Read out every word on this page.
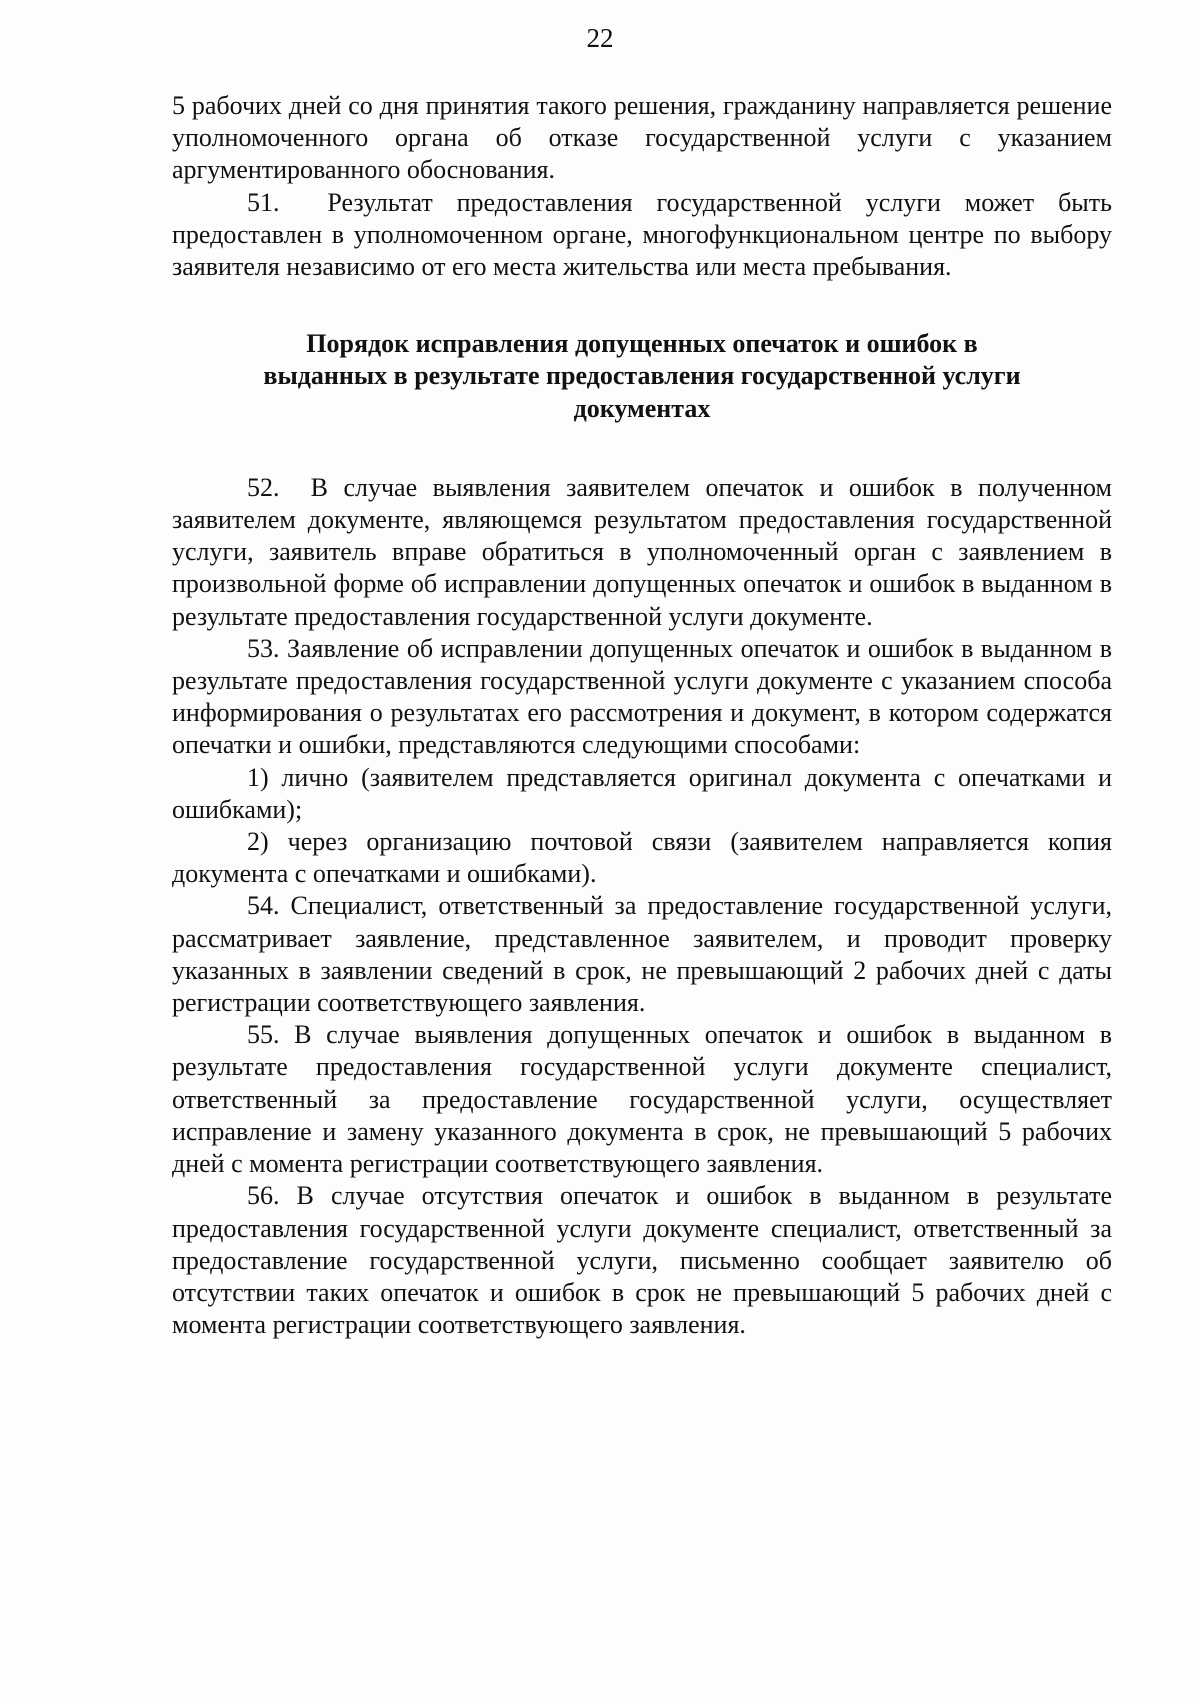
22

5 рабочих дней со дня принятия такого решения, гражданину направляется решение уполномоченного органа об отказе государственной услуги с указанием аргументированного обоснования.

51.  Результат предоставления государственной услуги может быть предоставлен в уполномоченном органе, многофункциональном центре по выбору заявителя независимо от его места жительства или места пребывания.

Порядок исправления допущенных опечаток и ошибок в
выданных в результате предоставления государственной услуги
документах

52.  В случае выявления заявителем опечаток и ошибок в полученном заявителем документе, являющемся результатом предоставления государственной услуги, заявитель вправе обратиться в уполномоченный орган с заявлением в произвольной форме об исправлении допущенных опечаток и ошибок в выданном в результате предоставления государственной услуги документе.

53. Заявление об исправлении допущенных опечаток и ошибок в выданном в результате предоставления государственной услуги документе с указанием способа информирования о результатах его рассмотрения и документ, в котором содержатся опечатки и ошибки, представляются следующими способами:

1) лично (заявителем представляется оригинал документа с опечатками и ошибками);

2) через организацию почтовой связи (заявителем направляется копия документа с опечатками и ошибками).

54. Специалист, ответственный за предоставление государственной услуги, рассматривает заявление, представленное заявителем, и проводит проверку указанных в заявлении сведений в срок, не превышающий 2 рабочих дней с даты регистрации соответствующего заявления.

55. В случае выявления допущенных опечаток и ошибок в выданном в результате предоставления государственной услуги документе специалист, ответственный за предоставление государственной услуги, осуществляет исправление и замену указанного документа в срок, не превышающий 5 рабочих дней с момента регистрации соответствующего заявления.

56. В случае отсутствия опечаток и ошибок в выданном в результате предоставления государственной услуги документе специалист, ответственный за предоставление государственной услуги, письменно сообщает заявителю об отсутствии таких опечаток и ошибок в срок не превышающий 5 рабочих дней с момента регистрации соответствующего заявления.
